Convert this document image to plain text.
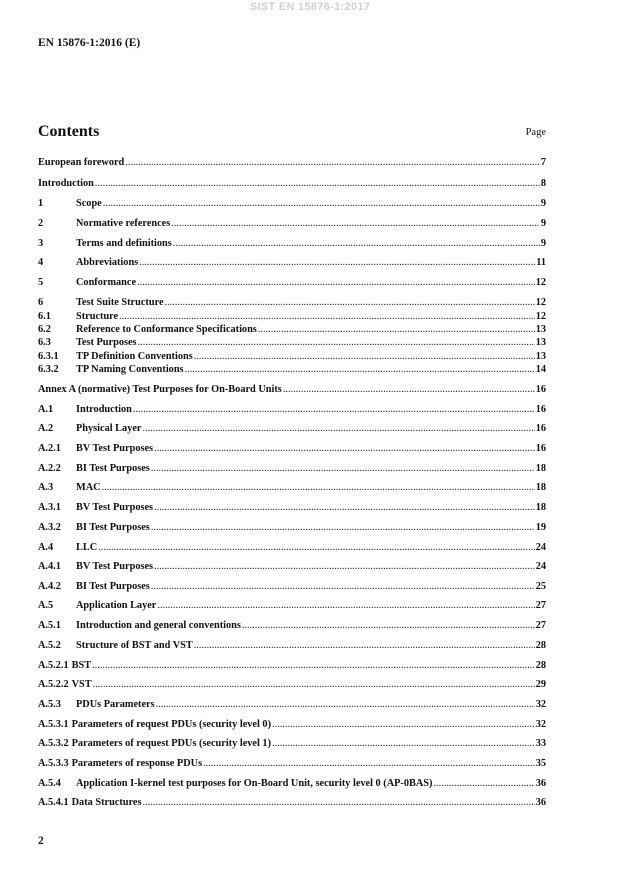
SIST EN 15876-1:2017
EN 15876-1:2016 (E)
Contents	Page
European foreword .....	7
Introduction .....	8
1	Scope .....	9
2	Normative references .....	9
3	Terms and definitions .....	9
4	Abbreviations .....	11
5	Conformance .....	12
6	Test Suite Structure .....	12
6.1	Structure .....	12
6.2	Reference to Conformance Specifications .....	13
6.3	Test Purposes .....	13
6.3.1	TP Definition Conventions .....	13
6.3.2	TP Naming Conventions .....	14
Annex A (normative) Test Purposes for On-Board Units .....	16
A.1	Introduction .....	16
A.2	Physical Layer .....	16
A.2.1	BV Test Purposes .....	16
A.2.2	BI Test Purposes .....	18
A.3	MAC .....	18
A.3.1	BV Test Purposes .....	18
A.3.2	BI Test Purposes .....	19
A.4	LLC .....	24
A.4.1	BV Test Purposes .....	24
A.4.2	BI Test Purposes .....	25
A.5	Application Layer .....	27
A.5.1	Introduction and general conventions .....	27
A.5.2	Structure of BST and VST .....	28
A.5.2.1 BST .....	28
A.5.2.2 VST .....	29
A.5.3	PDUs Parameters .....	32
A.5.3.1 Parameters of request PDUs (security level 0) .....	32
A.5.3.2 Parameters of request PDUs (security level 1) .....	33
A.5.3.3 Parameters of response PDUs .....	35
A.5.4	Application I-kernel test purposes for On-Board Unit, security level 0 (AP-0BAS) .....	36
A.5.4.1 Data Structures .....	36
2
